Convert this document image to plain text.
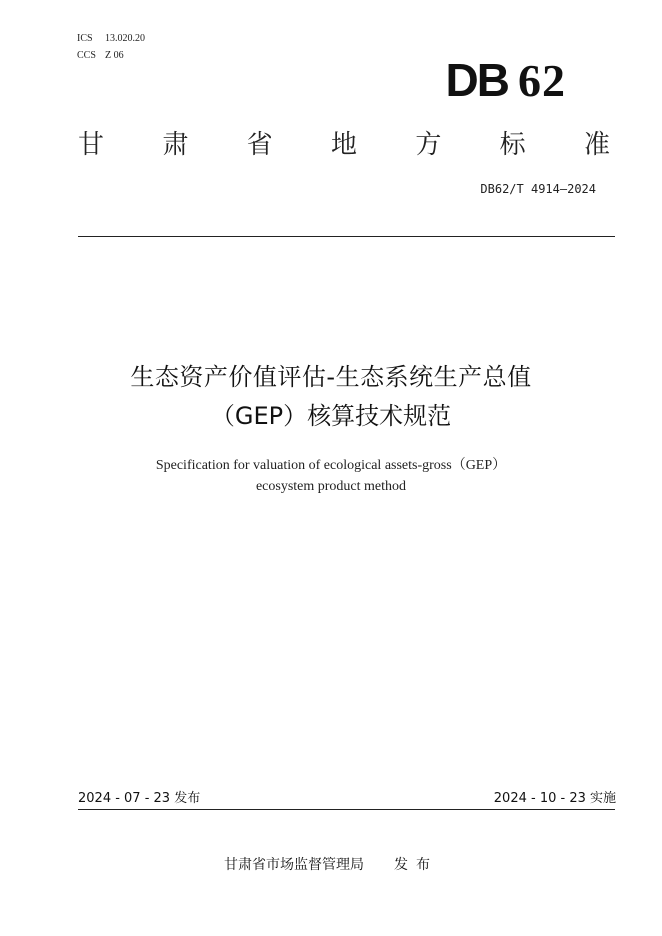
ICS 13.020.20
CCS Z 06	DB 62
甘 肃 省 地 方 标 准
DB62/T 4914—2024
生态资产价值评估-生态系统生产总值
（GEP）核算技术规范
Specification for valuation of ecological assets-gross（GEP）
ecosystem product method
2024 - 07 - 23 发布	2024 - 10 - 23 实施
甘肃省市场监督管理局 发布
